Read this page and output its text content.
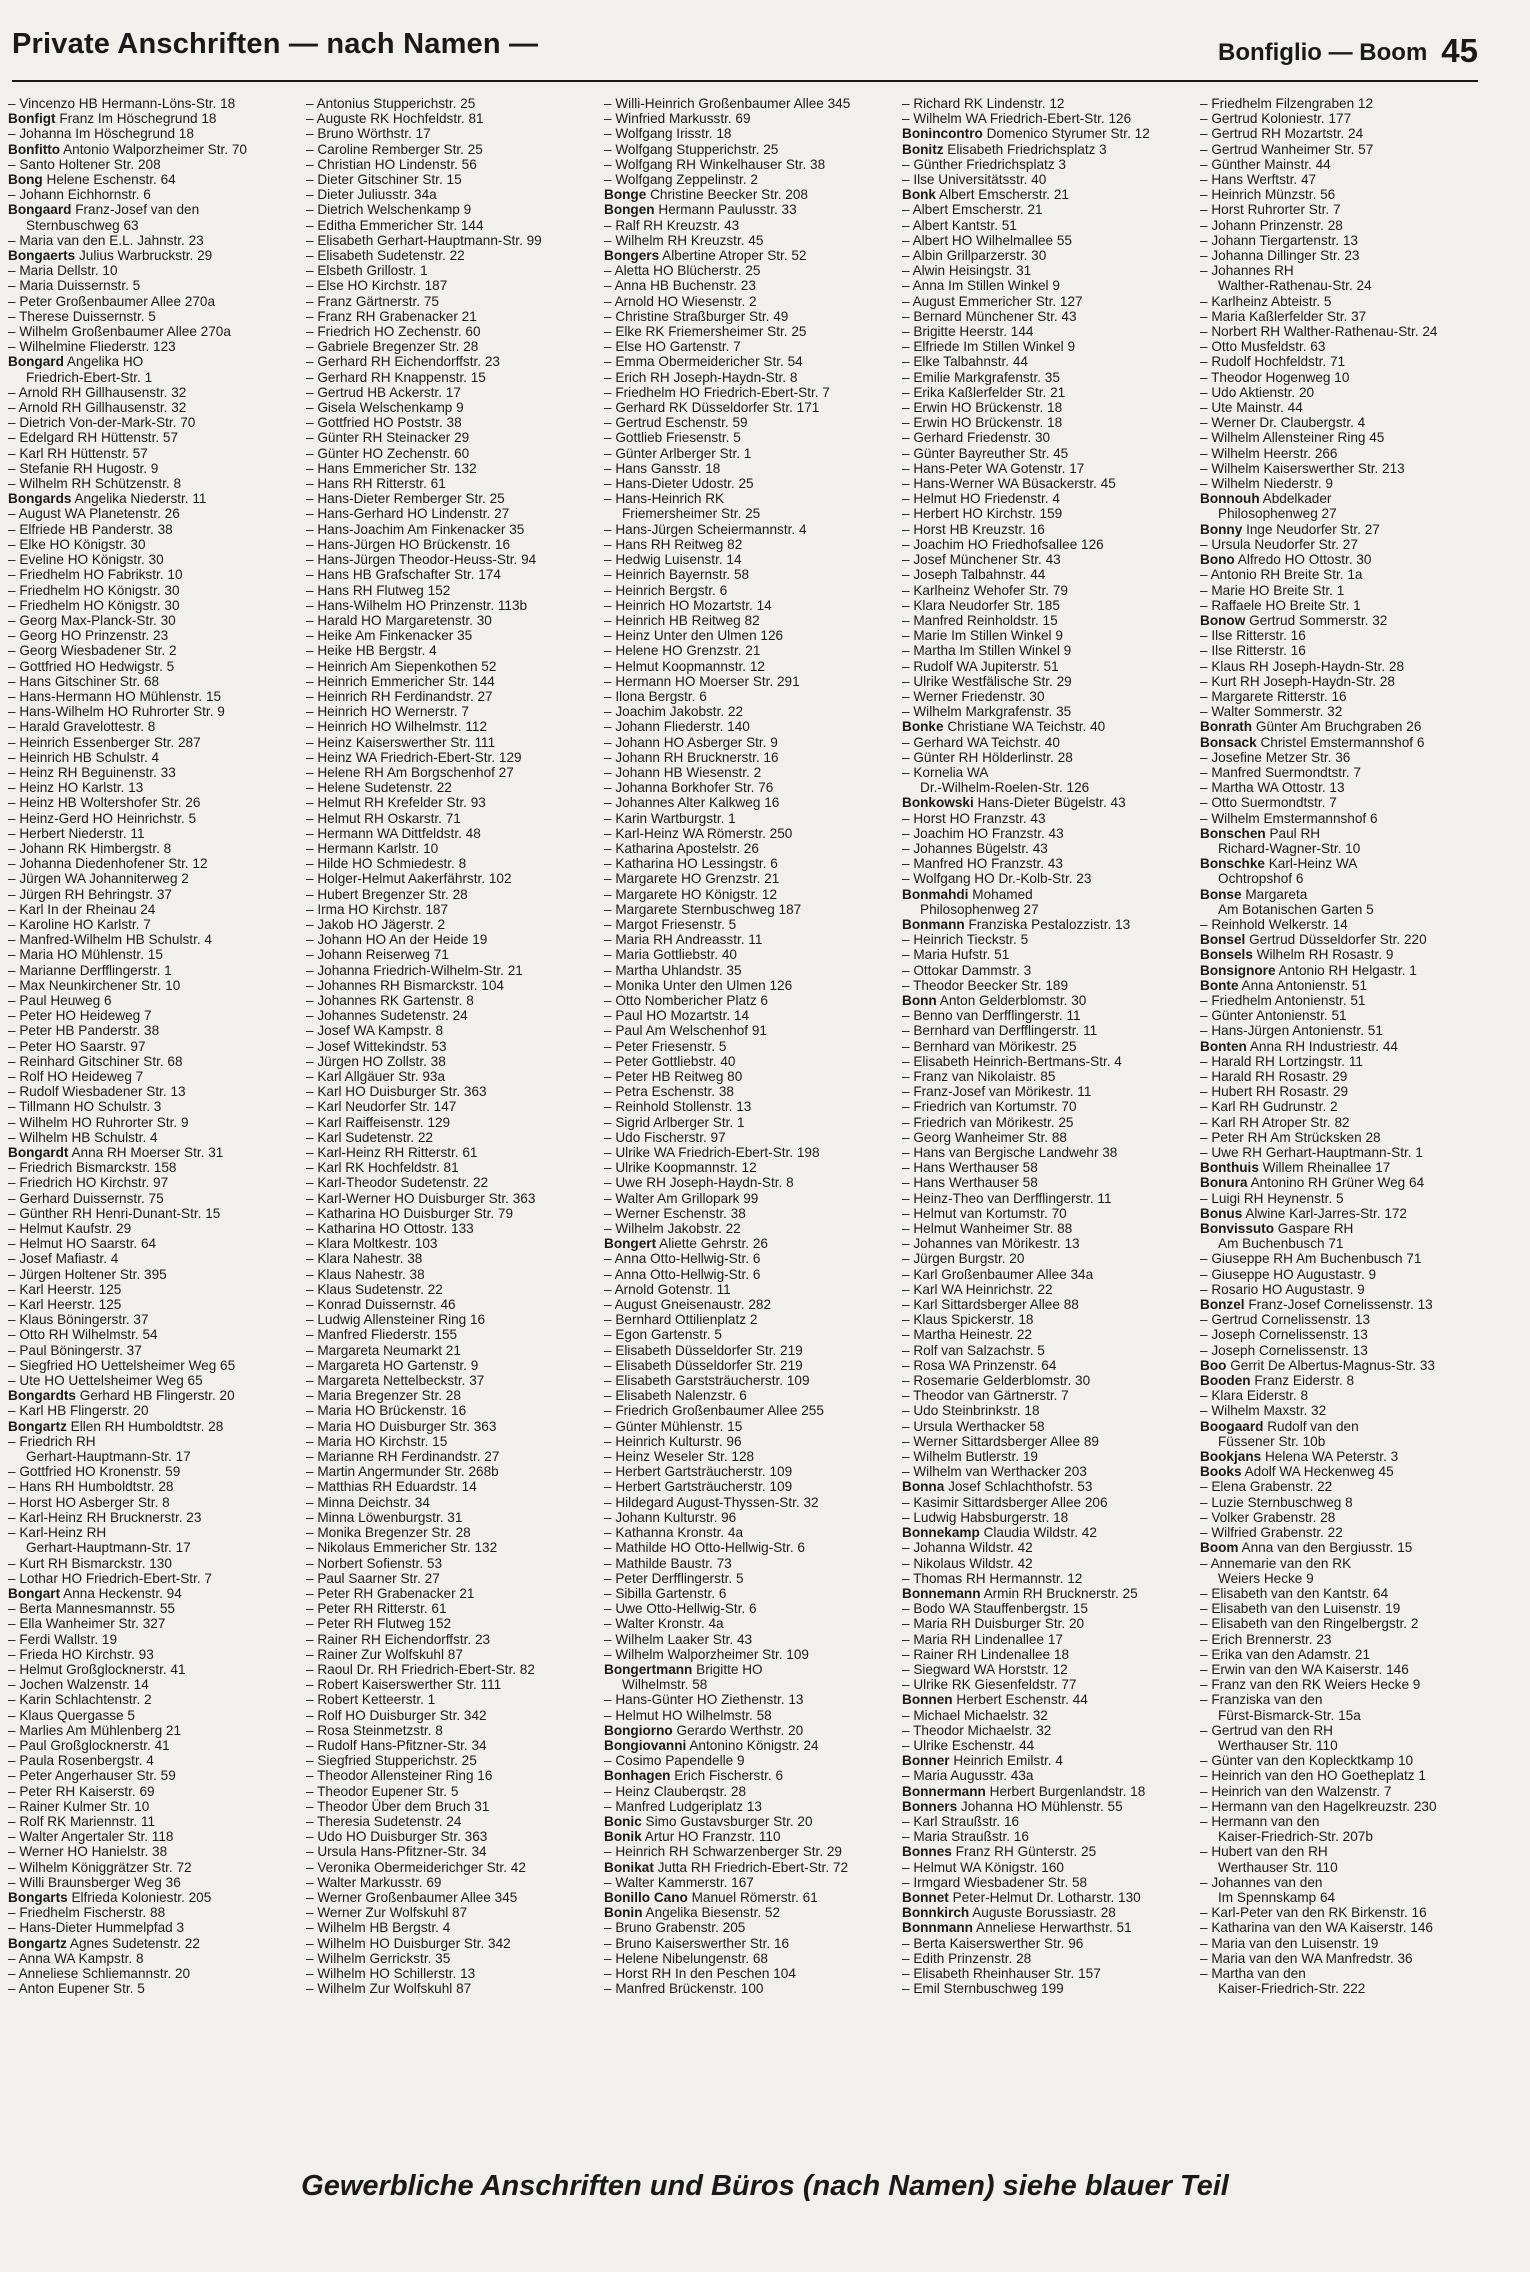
Private Anschriften — nach Namen —	Bonfiglio — Boom 45
– Vincenzo HB Hermann-Löns-Str. 18
Bonfigt Franz Im Höschegrund 18
– Johanna Im Höschegrund 18
Bonfitto Antonio Walporzheimer Str. 70
– Santo Holtener Str. 208
Bong Helene Eschenstr. 64
– Johann Eichhornstr. 6
Bongaard Franz-Josef van den
Sternbuschweg 63
– Maria van den E.L. Jahnstr. 23
Bongaerts Julius Warbruckstr. 29
– Maria Dellstr. 10
– Maria Duissernstr. 5
– Peter Großenbaumer Allee 270a
– Therese Duissernstr. 5
– Wilhelm Großenbaumer Allee 270a
– Wilhelmine Fliederstr. 123
Bongard Angelika HO
Friedrich-Ebert-Str. 1
– Arnold RH Gillhausenstr. 32
– Arnold RH Gillhausenstr. 32
– Dietrich Von-der-Mark-Str. 70
– Edelgard RH Hüttenstr. 57
– Karl RH Hüttenstr. 57
– Stefanie RH Hugostr. 9
– Wilhelm RH Schützenstr. 8
Bongards Angelika Niederstr. 11
– August WA Planetenstr. 26
– Elfriede HB Panderstr. 38
– Elke HO Königstr. 30
– Eveline HO Königstr. 30
– Friedhelm HO Fabrikstr. 10
– Friedhelm HO Königstr. 30
– Friedhelm HO Königstr. 30
– Georg Max-Planck-Str. 30
– Georg HO Prinzenstr. 23
– Georg Wiesbadener Str. 2
– Gottfried HO Hedwigstr. 5
– Hans Gitschiner Str. 68
– Hans-Hermann HO Mühlenstr. 15
– Hans-Wilhelm HO Ruhrorter Str. 9
– Harald Gravelottestr. 8
– Heinrich Essenberger Str. 287
– Heinrich HB Schulstr. 4
– Heinz RH Beguinenstr. 33
– Heinz HO Karlstr. 13
– Heinz HB Woltershofer Str. 26
– Heinz-Gerd HO Heinrichstr. 5
– Herbert Niederstr. 11
– Johann RK Himbergstr. 8
– Johanna Diedenhofener Str. 12
– Jürgen WA Johanniterweg 2
– Jürgen RH Behringstr. 37
– Karl In der Rheinau 24
– Karoline HO Karlstr. 7
– Manfred-Wilhelm HB Schulstr. 4
– Maria HO Mühlenstr. 15
– Marianne Derfflingerstr. 1
– Max Neunkirchener Str. 10
– Paul Heuweg 6
– Peter HO Heideweg 7
– Peter HB Panderstr. 38
– Peter HO Saarstr. 97
– Reinhard Gitschiner Str. 68
– Rolf HO Heideweg 7
– Rudolf Wiesbadener Str. 13
– Tillmann HO Schulstr. 3
– Wilhelm HO Ruhrorter Str. 9
– Wilhelm HB Schulstr. 4
Bongardt Anna RH Moerser Str. 31
– Friedrich Bismarckstr. 158
– Friedrich HO Kirchstr. 97
– Gerhard Duissernstr. 75
– Günther RH Henri-Dunant-Str. 15
– Helmut Kaufstr. 29
– Helmut HO Saarstr. 64
– Josef Mafiastr. 4
– Jürgen Holtener Str. 395
– Karl Heerstr. 125
– Karl Heerstr. 125
– Klaus Böningerstr. 37
– Otto RH Wilhelmstr. 54
– Paul Böningerstr. 37
– Siegfried HO Uettelsheimer Weg 65
– Ute HO Uettelsheimer Weg 65
Bongardts Gerhard HB Flingerstr. 20
– Karl HB Flingerstr. 20
Bongartz Ellen RH Humboldtstr. 28
– Friedrich RH
Gerhart-Hauptmann-Str. 17
– Gottfried HO Kronenstr. 59
– Hans RH Humboldtstr. 28
– Horst HO Asberger Str. 8
– Karl-Heinz RH Brucknerstr. 23
– Karl-Heinz RH
Gerhart-Hauptmann-Str. 17
– Kurt RH Bismarckstr. 130
– Lothar HO Friedrich-Ebert-Str. 7
Bongart Anna Heckenstr. 94
– Berta Mannesmannstr. 55
– Ella Wanheimer Str. 327
– Ferdi Wallstr. 19
– Frieda HO Kirchstr. 93
– Helmut Großglocknerstr. 41
– Jochen Walzenstr. 14
– Karin Schlachtenstr. 2
– Klaus Quergasse 5
– Marlies Am Mühlenberg 21
– Paul Großglocknerstr. 41
– Paula Rosenbergstr. 4
– Peter Angerhauser Str. 59
– Peter RH Kaiserstr. 69
– Rainer Kulmer Str. 10
– Rolf RK Mariennstr. 11
– Walter Angertaler Str. 118
– Werner HO Hanielstr. 38
– Wilhelm Königgrätzer Str. 72
– Willi Braunsberger Weg 36
Bongarts Elfrieda Koloniestr. 205
– Friedhelm Fischerstr. 88
– Hans-Dieter Hummelpfad 3
Bongartz Agnes Sudetenstr. 22
– Anna WA Kampstr. 8
– Anneliese Schliemannstr. 20
– Anton Eupener Str. 5
– Antonius Stupperichstr. 25
– Auguste RK Hochfeldstr. 81
– Bruno Wörthstr. 17
– Caroline Remberger Str. 25
– Christian HO Lindenstr. 56
– Dieter Gitschiner Str. 15
– Dieter Juliusstr. 34a
– Dietrich Welschenkamp 9
– Editha Emmericher Str. 144
– Elisabeth Gerhart-Hauptmann-Str. 99
– Elisabeth Sudetenstr. 22
– Elsbeth Grillostr. 1
– Else HO Kirchstr. 187
– Franz Gärtnerstr. 75
– Franz RH Grabenacker 21
– Friedrich HO Zechenstr. 60
– Gabriele Bregenzer Str. 28
– Gerhard RH Eichendorffstr. 23
– Gerhard RH Knappenstr. 15
– Gertrud HB Ackerstr. 17
– Gisela Welschenkamp 9
– Gottfried HO Poststr. 38
– Günter RH Steinacker 29
– Günter HO Zechenstr. 60
– Hans Emmericher Str. 132
– Hans RH Ritterstr. 61
– Hans-Dieter Remberger Str. 25
– Hans-Gerhard HO Lindenstr. 27
– Hans-Joachim Am Finkenacker 35
– Hans-Jürgen HO Brückenstr. 16
– Hans-Jürgen Theodor-Heuss-Str. 94
– Hans HB Grafschafter Str. 174
– Hans RH Flutweg 152
– Hans-Wilhelm HO Prinzenstr. 113b
– Harald HO Margaretenstr. 30
– Heike Am Finkenacker 35
– Heike HB Bergstr. 4
– Heinrich Am Siepenkothen 52
– Heinrich Emmericher Str. 144
– Heinrich RH Ferdinandstr. 27
– Heinrich HO Wernerstr. 7
– Heinrich HO Wilhelmstr. 112
– Heinz Kaiserswerther Str. 111
– Heinz WA Friedrich-Ebert-Str. 129
– Helene RH Am Borgschenhof 27
– Helene Sudetenstr. 22
– Helmut RH Krefelder Str. 93
– Helmut RH Oskarstr. 71
– Hermann WA Dittfeldstr. 48
– Hermann Karlstr. 10
– Hilde HO Schmiedestr. 8
– Holger-Helmut Aakerfährstr. 102
– Hubert Bregenzer Str. 28
– Irma HO Kirchstr. 187
– Jakob HO Jägerstr. 2
– Johann HO An der Heide 19
– Johann Reiserweg 71
– Johanna Friedrich-Wilhelm-Str. 21
– Johannes RH Bismarckstr. 104
– Johannes RK Gartenstr. 8
– Johannes Sudetenstr. 24
– Josef WA Kampstr. 8
– Josef Wittekindstr. 53
– Jürgen HO Zollstr. 38
– Karl Allgäuer Str. 93a
– Karl HO Duisburger Str. 363
– Karl Neudorfer Str. 147
– Karl Raiffeisenstr. 129
– Karl Sudetenstr. 22
– Karl-Heinz RH Ritterstr. 61
– Karl RK Hochfeldstr. 81
– Karl-Theodor Sudetenstr. 22
– Karl-Werner HO Duisburger Str. 363
– Katharina HO Duisburger Str. 79
– Katharina HO Ottostr. 133
– Klara Moltkestr. 103
– Klara Nahestr. 38
– Klaus Nahestr. 38
– Klaus Sudetenstr. 22
– Konrad Duissernstr. 46
– Ludwig Allensteiner Ring 16
– Manfred Fliederstr. 155
– Margareta Neumarkt 21
– Margareta HO Gartenstr. 9
– Margareta Nettelbeckstr. 37
– Maria Bregenzer Str. 28
– Maria HO Brückenstr. 16
– Maria HO Duisburger Str. 363
– Maria HO Kirchstr. 15
– Marianne RH Ferdinandstr. 27
– Martin Angermunder Str. 268b
– Matthias RH Eduardstr. 14
– Minna Deichstr. 34
– Minna Löwenburgstr. 31
– Monika Bregenzer Str. 28
– Nikolaus Emmericher Str. 132
– Norbert Sofienstr. 53
– Paul Saarner Str. 27
– Peter RH Grabenacker 21
– Peter RH Ritterstr. 61
– Peter RH Flutweg 152
– Rainer RH Eichendorffstr. 23
– Rainer Zur Wolfskuhl 87
– Raoul Dr. RH Friedrich-Ebert-Str. 82
– Robert Kaiserswerther Str. 111
– Robert Ketteerstr. 1
– Rolf HO Duisburger Str. 342
– Rosa Steinmetzstr. 8
– Rudolf Hans-Pfitzner-Str. 34
– Siegfried Stupperichstr. 25
– Theodor Allensteiner Ring 16
– Theodor Eupener Str. 5
– Theodor Über dem Bruch 31
– Theresia Sudetenstr. 24
– Udo HO Duisburger Str. 363
– Ursula Hans-Pfitzner-Str. 34
– Veronika Obermeiderichger Str. 42
– Walter Markusstr. 69
– Werner Großenbaumer Allee 345
– Werner Zur Wolfskuhl 87
– Wilhelm HB Bergstr. 4
– Wilhelm HO Duisburger Str. 342
– Wilhelm Gerrickstr. 35
– Wilhelm HO Schillerstr. 13
– Wilhelm Zur Wolfskuhl 87
– Willi-Heinrich Großenbaumer Allee 345
– Winfried Markusstr. 69
– Wolfgang Irisstr. 18
– Wolfgang Stupperichstr. 25
– Wolfgang RH Winkelhauser Str. 38
– Wolfgang Zeppelinstr. 2
Bonge Christine Beecker Str. 208
Bongen Hermann Paulusstr. 33
– Ralf RH Kreuzstr. 43
– Wilhelm RH Kreuzstr. 45
Bongers Albertine Atroper Str. 52
– Aletta HO Blücherstr. 25
– Anna HB Buchenstr. 23
– Arnold HO Wiesenstr. 2
– Christine Straßburger Str. 49
– Elke RK Friemersheimer Str. 25
– Else HO Gartenstr. 7
– Emma Obermeidericher Str. 54
– Erich RH Joseph-Haydn-Str. 8
– Friedhelm HO Friedrich-Ebert-Str. 7
– Gerhard RK Düsseldorfer Str. 171
– Gertrud Eschenstr. 59
– Gottlieb Friesenstr. 5
– Günter Arlberger Str. 1
– Hans Gansstr. 18
– Hans-Dieter Udostr. 25
– Hans-Heinrich RK
Friemersheimer Str. 25
– Hans-Jürgen Scheiermannstr. 4
– Hans RH Reitweg 82
– Hedwig Luisenstr. 14
– Heinrich Bayernstr. 58
– Heinrich Bergstr. 6
– Heinrich HO Mozartstr. 14
– Heinrich HB Reitweg 82
– Heinz Unter den Ulmen 126
– Helene HO Grenzstr. 21
– Helmut Koopmannstr. 12
– Hermann HO Moerser Str. 291
– Ilona Bergstr. 6
– Joachim Jakobstr. 22
– Johann Fliederstr. 140
– Johann HO Asberger Str. 9
– Johann RH Brucknerstr. 16
– Johann HB Wiesenstr. 2
– Johanna Borkhofer Str. 76
– Johannes Alter Kalkweg 16
– Karin Wartburgstr. 1
– Karl-Heinz WA Römerstr. 250
– Katharina Apostelstr. 26
– Katharina HO Lessingstr. 6
– Margarete HO Grenzstr. 21
– Margarete HO Königstr. 12
– Margarete Sternbuschweg 187
– Margot Friesenstr. 5
– Maria RH Andreasstr. 11
– Maria Gottliebstr. 40
– Martha Uhlandstr. 35
– Monika Unter den Ulmen 126
– Otto Nombericher Platz 6
– Paul HO Mozartstr. 14
– Paul Am Welschenhof 91
– Peter Friesenstr. 5
– Peter Gottliebstr. 40
– Peter HB Reitweg 80
– Petra Eschenstr. 38
– Reinhold Stollenstr. 13
– Sigrid Arlberger Str. 1
– Udo Fischerstr. 97
– Ulrike WA Friedrich-Ebert-Str. 198
– Ulrike Koopmannstr. 12
– Uwe RH Joseph-Haydn-Str. 8
– Walter Am Grillopark 99
– Werner Eschenstr. 38
– Wilhelm Jakobstr. 22
Bongert Aliette Gehrstr. 26
– Anna Otto-Hellwig-Str. 6
– Anna Otto-Hellwig-Str. 6
– Arnold Gotenstr. 11
– August Gneisenaustr. 282
– Bernhard Ottilienplatz 2
– Egon Gartenstr. 5
– Elisabeth Düsseldorfer Str. 219
– Elisabeth Düsseldorfer Str. 219
– Elisabeth Garststräucherstr. 109
– Elisabeth Nalenzstr. 6
– Friedrich Großenbaumer Allee 255
– Günter Mühlenstr. 15
– Heinrich Kulturstr. 96
– Heinz Weseler Str. 128
– Herbert Gartsträucherstr. 109
– Herbert Gartsträucherstr. 109
– Hildegard August-Thyssen-Str. 32
– Johann Kulturstr. 96
– Kathanna Kronstr. 4a
– Mathilde HO Otto-Hellwig-Str. 6
– Mathilde Baustr. 73
– Peter Derfflingerstr. 5
– Sibilla Gartenstr. 6
– Uwe Otto-Hellwig-Str. 6
– Walter Kronstr. 4a
– Wilhelm Laaker Str. 43
– Wilhelm Walporzheimer Str. 109
Bongertmann Brigitte HO
Wilhelmstr. 58
– Hans-Günter HO Ziethenstr. 13
– Helmut HO Wilhelmstr. 58
Bongiorno Gerardo Werthstr. 20
Bongiovanni Antonino Königstr. 24
– Cosimo Papendelle 9
Bonhagen Erich Fischerstr. 6
– Heinz Clauberqstr. 28
– Manfred Ludgeriplatz 13
Bonic Simo Gustavsburger Str. 20
Bonik Artur HO Franzstr. 110
– Heinrich RH Schwarzenberger Str. 29
Bonikat Jutta RH Friedrich-Ebert-Str. 72
– Walter Kammerstr. 167
Bonillo Cano Manuel Römerstr. 61
Bonin Angelika Biesenstr. 52
– Bruno Grabenstr. 205
– Bruno Kaiserswerther Str. 16
– Helene Nibelungenstr. 68
– Horst RH In den Peschen 104
– Manfred Brückenstr. 100
– Richard RK Lindenstr. 12
– Wilhelm WA Friedrich-Ebert-Str. 126
Bonincontro Domenico Styrumer Str. 12
Bonitz Elisabeth Friedrichsplatz 3
– Günther Friedrichsplatz 3
– Ilse Universitätsstr. 40
Bonk Albert Emscherstr. 21
– Albert Emscherstr. 21
– Albert Kantstr. 51
– Albert HO Wilhelmallee 55
– Albin Grillparzerstr. 30
– Alwin Heisingstr. 31
– Anna Im Stillen Winkel 9
– August Emmericher Str. 127
– Bernard Münchener Str. 43
– Brigitte Heerstr. 144
– Elfriede Im Stillen Winkel 9
– Elke Talbahnstr. 44
– Emilie Markgrafenstr. 35
– Erika Kaßlerfelder Str. 21
– Erwin HO Brückenstr. 18
– Erwin HO Brückenstr. 18
– Gerhard Friedenstr. 30
– Günter Bayreuther Str. 45
– Hans-Peter WA Gotenstr. 17
– Hans-Werner WA Büsackerstr. 45
– Helmut HO Friedenstr. 4
– Herbert HO Kirchstr. 159
– Horst HB Kreuzstr. 16
– Joachim HO Friedhofsallee 126
– Josef Münchener Str. 43
– Joseph Talbahnstr. 44
– Karlheinz Wehofer Str. 79
– Klara Neudorfer Str. 185
– Manfred Reinholdstr. 15
– Marie Im Stillen Winkel 9
– Martha Im Stillen Winkel 9
– Rudolf WA Jupiterstr. 51
– Ulrike Westfälische Str. 29
– Werner Friedenstr. 30
– Wilhelm Markgrafenstr. 35
Bonke Christiane WA Teichstr. 40
– Gerhard WA Teichstr. 40
– Günter RH Hölderlinstr. 28
– Kornelia WA
Dr.-Wilhelm-Roelen-Str. 126
Bonkowski Hans-Dieter Bügelstr. 43
– Horst HO Franzstr. 43
– Joachim HO Franzstr. 43
– Johannes Bügelstr. 43
– Manfred HO Franzstr. 43
– Wolfgang HO Dr.-Kolb-Str. 23
Bonmahdi Mohamed
Philosophenweg 27
Bonmann Franziska Pestalozzistr. 13
– Heinrich Tieckstr. 5
– Maria Hufstr. 51
– Ottokar Dammstr. 3
– Theodor Beecker Str. 189
Bonn Anton Gelderblomstr. 30
– Benno van Derfflingerstr. 11
– Bernhard van Derfflingerstr. 11
– Bernhard van Mörikestr. 25
– Elisabeth Heinrich-Bertmans-Str. 4
– Franz van Nikolaistr. 85
– Franz-Josef van Mörikestr. 11
– Friedrich van Kortumstr. 70
– Friedrich van Mörikestr. 25
– Georg Wanheimer Str. 88
– Hans van Bergische Landwehr 38
– Hans Werthauser 58
– Hans Werthauser 58
– Heinz-Theo van Derfflingerstr. 11
– Helmut van Kortumstr. 70
– Helmut Wanheimer Str. 88
– Johannes van Mörikestr. 13
– Jürgen Burgstr. 20
– Karl Großenbaumer Allee 34a
– Karl WA Heinrichstr. 22
– Karl Sittardsberger Allee 88
– Klaus Spickerstr. 18
– Martha Heinestr. 22
– Rolf van Salzachstr. 5
– Rosa WA Prinzenstr. 64
– Rosemarie Gelderblomstr. 30
– Theodor van Gärtnerstr. 7
– Udo Steinbrinkstr. 18
– Ursula Werthacker 58
– Werner Sittardsberger Allee 89
– Wilhelm Butlerstr. 19
– Wilhelm van Werthacker 203
Bonna Josef Schlachthofstr. 53
– Kasimir Sittardsberger Allee 206
– Ludwig Habsburgerstr. 18
Bonnekamp Claudia Wildstr. 42
– Johanna Wildstr. 42
– Nikolaus Wildstr. 42
– Thomas RH Hermannstr. 12
Bonnemann Armin RH Brucknerstr. 25
– Bodo WA Stauffenbergstr. 15
– Maria RH Duisburger Str. 20
– Maria RH Lindenallee 17
– Rainer RH Lindenallee 18
– Siegward WA Horststr. 12
– Ulrike RK Giesenfeldstr. 77
Bonnen Herbert Eschenstr. 44
– Michael Michaelstr. 32
– Theodor Michaelstr. 32
– Ulrike Eschenstr. 44
Bonner Heinrich Emilstr. 4
– Maria Augusstr. 43a
Bonnermann Herbert Burgenlandstr. 18
Bonners Johanna HO Mühlenstr. 55
– Karl Straußstr. 16
– Maria Straußstr. 16
Bonnes Franz RH Günterstr. 25
– Helmut WA Königstr. 160
– Irmgard Wiesbadener Str. 58
Bonnet Peter-Helmut Dr. Lotharstr. 130
Bonnkirch Auguste Borussiastr. 28
Bonnmann Anneliese Herwarthstr. 51
– Berta Kaiserswerther Str. 96
– Edith Prinzenstr. 28
– Elisabeth Rheinhauser Str. 157
– Emil Sternbuschweg 199
– Friedhelm Filzengraben 12
– Gertrud Koloniestr. 177
– Gertrud RH Mozartstr. 24
– Gertrud Wanheimer Str. 57
– Günther Mainstr. 44
– Hans Werftstr. 47
– Heinrich Münzstr. 56
– Horst Ruhrorter Str. 7
– Johann Prinzenstr. 28
– Johann Tiergartenstr. 13
– Johanna Dillinger Str. 23
– Johannes RH
Walther-Rathenau-Str. 24
– Karlheinz Abteistr. 5
– Maria Kaßlerfelder Str. 37
– Norbert RH Walther-Rathenau-Str. 24
– Otto Musfeldstr. 63
– Rudolf Hochfeldstr. 71
– Theodor Hogenweg 10
– Udo Aktienstr. 20
– Ute Mainstr. 44
– Werner Dr. Claubergstr. 4
– Wilhelm Allensteiner Ring 45
– Wilhelm Heerstr. 266
– Wilhelm Kaiserswerther Str. 213
– Wilhelm Niederstr. 9
Bonnouh Abdelkader
Philosophenweg 27
Bonny Inge Neudorfer Str. 27
– Ursula Neudorfer Str. 27
Bono Alfredo HO Ottostr. 30
– Antonio RH Breite Str. 1a
– Marie HO Breite Str. 1
– Raffaele HO Breite Str. 1
Bonow Gertrud Sommerstr. 32
– Ilse Ritterstr. 16
– Ilse Ritterstr. 16
– Klaus RH Joseph-Haydn-Str. 28
– Kurt RH Joseph-Haydn-Str. 28
– Margarete Ritterstr. 16
– Walter Sommerstr. 32
Bonrath Günter Am Bruchgraben 26
Bonsack Christel Emstermannshof 6
– Josefine Metzer Str. 36
– Manfred Suermondtstr. 7
– Martha WA Ottostr. 13
– Otto Suermondtstr. 7
– Wilhelm Emstermannshof 6
Bonschen Paul RH
Richard-Wagner-Str. 10
Bonschke Karl-Heinz WA
Ochtropshof 6
Bonse Margareta
Am Botanischen Garten 5
– Reinhold Welkerstr. 14
Bonsel Gertrud Düsseldorfer Str. 220
Bonsels Wilhelm RH Rosastr. 9
Bonsignore Antonio RH Helgastr. 1
Bonte Anna Antonienstr. 51
– Friedhelm Antonienstr. 51
– Günter Antonienstr. 51
– Hans-Jürgen Antonienstr. 51
Bonten Anna RH Industriestr. 44
– Harald RH Lortzingstr. 11
– Harald RH Rosastr. 29
– Hubert RH Rosastr. 29
– Karl RH Gudrunstr. 2
– Karl RH Atroper Str. 82
– Peter RH Am Strücksken 28
– Uwe RH Gerhart-Hauptmann-Str. 1
Bonthuis Willem Rheinallee 17
Bonura Antonino RH Grüner Weg 64
– Luigi RH Heynenstr. 5
Bonus Alwine Karl-Jarres-Str. 172
Bonvissuto Gaspare RH
Am Buchenbusch 71
– Giuseppe RH Am Buchenbusch 71
– Giuseppe HO Augustastr. 9
– Rosario HO Augustastr. 9
Bonzel Franz-Josef Cornelissenstr. 13
– Gertrud Cornelissenstr. 13
– Joseph Cornelissenstr. 13
– Joseph Cornelissenstr. 13
Boo Gerrit De Albertus-Magnus-Str. 33
Booden Franz Eiderstr. 8
– Klara Eiderstr. 8
– Wilhelm Maxstr. 32
Boogaard Rudolf van den
Füssener Str. 10b
Bookjans Helena WA Peterstr. 3
Books Adolf WA Heckenweg 45
– Elena Grabenstr. 22
– Luzie Sternbuschweg 8
– Volker Grabenstr. 28
– Wilfried Grabenstr. 22
Boom Anna van den Bergiusstr. 15
– Annemarie van den RK
Weiers Hecke 9
– Elisabeth van den Kantstr. 64
– Elisabeth van den Luisenstr. 19
– Elisabeth van den Ringelbergstr. 2
– Erich Brennerstr. 23
– Erika van den Adamstr. 21
– Erwin van den WA Kaiserstr. 146
– Franz van den RK Weiers Hecke 9
– Franziska van den
Fürst-Bismarck-Str. 15a
– Gertrud van den RH
Werthauser Str. 110
– Günter van den Koplecktkamp 10
– Heinrich van den HO Goetheplatz 1
– Heinrich van den Walzenstr. 7
– Hermann van den Hagelkreuzstr. 230
– Hermann van den
Kaiser-Friedrich-Str. 207b
– Hubert van den RH
Werthauser Str. 110
– Johannes van den
Im Spennskamp 64
– Karl-Peter van den RK Birkenstr. 16
– Katharina van den WA Kaiserstr. 146
– Maria van den Luisenstr. 19
– Maria van den WA Manfredstr. 36
– Martha van den
Kaiser-Friedrich-Str. 222
Gewerbliche Anschriften und Büros (nach Namen) siehe blauer Teil
